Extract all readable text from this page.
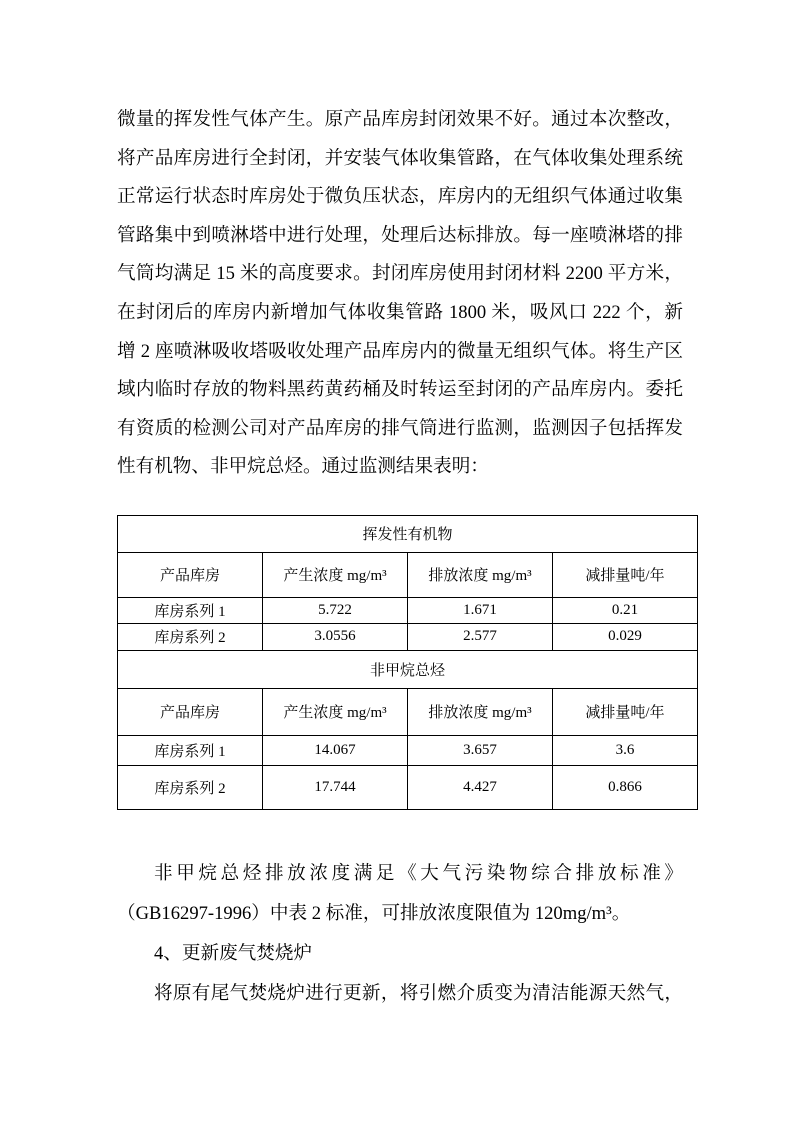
微量的挥发性气体产生。原产品库房封闭效果不好。通过本次整改，
将产品库房进行全封闭，并安装气体收集管路，在气体收集处理系统
正常运行状态时库房处于微负压状态，库房内的无组织气体通过收集
管路集中到喷淋塔中进行处理，处理后达标排放。每一座喷淋塔的排
气筒均满足 15 米的高度要求。封闭库房使用封闭材料 2200 平方米，
在封闭后的库房内新增加气体收集管路 1800 米，吸风口 222 个，新
增 2 座喷淋吸收塔吸收处理产品库房内的微量无组织气体。将生产区
域内临时存放的物料黑药黄药桶及时转运至封闭的产品库房内。委托
有资质的检测公司对产品库房的排气筒进行监测，监测因子包括挥发
性有机物、非甲烷总烃。通过监测结果表明：
挥发性有机物			
产品库房	产生浓度 mg/m³	排放浓度 mg/m³	减排量吨/年
库房系列 1	5.722	1.671	0.21
库房系列 2	3.0556	2.577	0.029
非甲烷总烃			
产品库房	产生浓度 mg/m³	排放浓度 mg/m³	减排量吨/年
库房系列 1	14.067	3.657	3.6
库房系列 2	17.744	4.427	0.866
非甲烷总烃排放浓度满足《大气污染物综合排放标准》
（GB16297-1996）中表 2 标准，可排放浓度限值为 120mg/m³。
4、更新废气焚烧炉
将原有尾气焚烧炉进行更新，将引燃介质变为清洁能源天然气，
